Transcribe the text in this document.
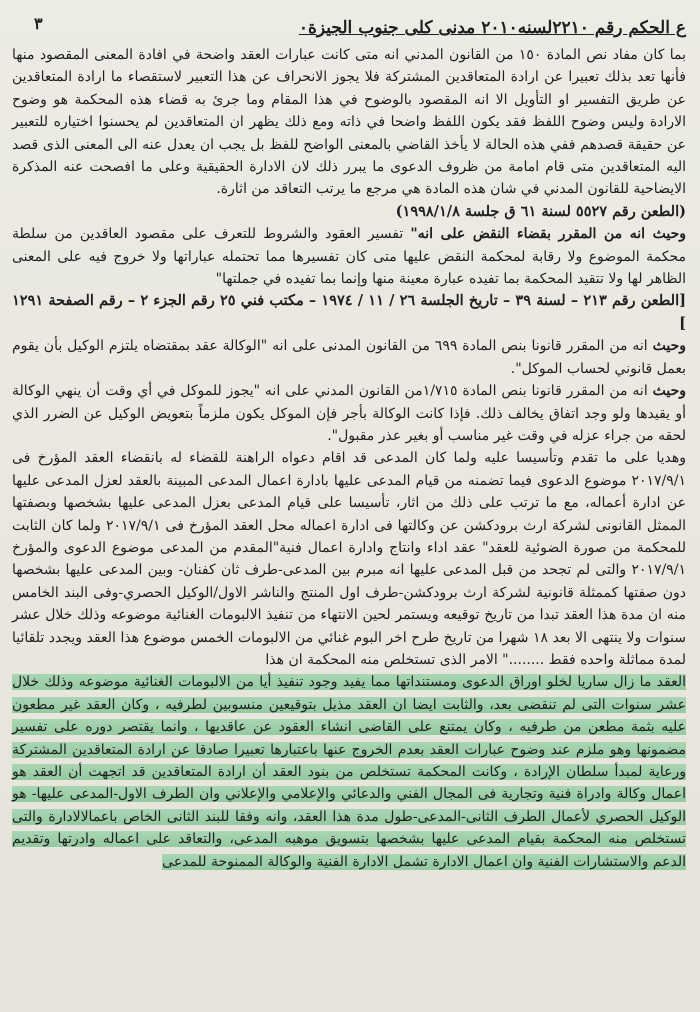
٣	ع الحكم رقم ٢٢١٠لسنه٢٠١٠ مدنى كلى جنوب الجيزة٠

بما كان مفاد نص المادة ١٥٠ من القانون المدني انه متى كانت عبارات العقد واضحة في افادة المعنى المقصود منها فأنها تعد بذلك تعبيرا عن ارادة المتعاقدين المشتركة فلا يجوز الانحراف عن هذا التعبير لاستقصاء ما ارادة المتعاقدين عن طريق التفسير او التأويل الا انه المقصود بالوضوح في هذا المقام وما جرئ به قضاء هذه المحكمة هو وضوح الارادة وليس وضوح اللفظ فقد يكون اللفظ واضحا في ذاته ومع ذلك يظهر ان المتعاقدين لم يحسنوا اختياره للتعبير عن حقيقة قصدهم ففي هذه الحالة لا يأخذ القاضي بالمعنى الواضح للفظ بل يجب ان يعدل عنه الى المعنى الذى قصد اليه المتعاقدين متى قام امامة من ظروف الدعوى ما يبرر ذلك لان الادارة الحقيقية وعلى ما افصحت عنه المذكرة الايضاحية للقانون المدني في شان هذه المادة هي مرجع ما يرتب التعاقد من اثارة.

(الطعن رقم ٥٥٢٧ لسنة ٦١ ق جلسة ١٩٩٨/١/٨)

وحيث انه من المقرر بقضاء النقض على انه" تفسير العقود والشروط للتعرف على مقصود العاقدين من سلطة محكمة الموضوع ولا رقابة لمحكمة النقض عليها متى كان تفسيرها مما تحتمله عباراتها ولا خروج فيه على المعنى الظاهر لها ولا تتقيد المحكمة بما تفيده عبارة معينة منها وإنما بما تفيده في جملتها"

[الطعن رقم ٢١٣ – لسنة ٣٩ – تاريخ الجلسة ٢٦ / ١١ / ١٩٧٤ – مكتب فني ٢٥ رقم الجزء ٢ – رقم الصفحة ١٢٩١ ]

وحيث انه من المقرر قانونا بنص المادة ٦٩٩ من القانون المدنى على انه "الوكالة عقد بمقتضاه يلتزم الوكيل بأن يقوم بعمل قانوني لحساب الموكل".

وحيث انه من المقرر قانونا بنص المادة ١/٧١٥من القانون المدني على انه "يجوز للموكل في أي وقت أن ينهي الوكالة أو يقيدها ولو وجد اتفاق يخالف ذلك. فإذا كانت الوكالة بأجر فإن الموكل يكون ملزماً بتعويض الوكيل عن الضرر الذي لحقه من جراء عزله في وقت غير مناسب أو بغير عذر مقبول".

وهديا على ما تقدم وتأسيسا عليه ولما كان المدعى قد اقام دعواه الراهنة للقضاء له بانقضاء العقد المؤرخ فى ٢٠١٧/٩/١ موضوع الدعوى فيما تضمنه من قيام المدعى عليها بادارة اعمال المدعى المبينة بالعقد لعزل المدعى عليها عن ادارة أعماله، مع ما ترتب على ذلك من اثار، تأسيسا على قيام المدعى بعزل المدعى عليها بشخصها وبصفتها الممثل القانونى لشركة ارث برودكشن عن وكالتها فى ادارة اعماله محل العقد المؤرخ فى ٢٠١٧/٩/١ ولما كان الثابت للمحكمة من صورة الضوئية للعقد" عقد اداء وانتاج وادارة اعمال فنية"المقدم من المدعى موضوع الدعوى والمؤرخ ٢٠١٧/٩/١ والتى لم تجحد من قبل المدعى عليها انه مبرم بين المدعى-طرف ثان كفنان- وبين المدعى عليها بشخصها دون صفتها كممثلة قانونية لشركة ارث برودكشن-طرف اول المنتج والناشر الاول/الوكيل الحصري-وفى البند الخامس منه ان مدة هذا العقد تبدا من تاريخ توقيعه ويستمر لحين الانتهاء من تنفيذ الالبومات الغنائية موضوعه وذلك خلال عشر سنوات ولا ينتهى الا بعد ١٨ شهرا من تاريخ طرح اخر البوم غنائي من الالبومات الخمس موضوع هذا العقد ويجدد تلقائيا لمدة مماثلة واحده فقط ........" الامر الذى تستخلص منه المحكمة ان هذا

العقد ما زال ساريا لخلو اوراق الدعوى ومستنداتها مما يفيد وجود تنفيذ أيا من الالبومات الغنائية موضوعه وذلك خلال عشر سنوات التى لم تنقضى بعد، والثابت ايضا ان العقد مذيل بتوقيعين منسوبين لطرفيه ، وكان العقد غير مطعون عليه بثمة مطعن من طرفيه ، وكان يمتنع على القاضى انشاء العقود عن عاقديها ، وانما يقتصر دوره على تفسير مضمونها وهو ملزم عند وضوح عبارات العقد بعدم الخروج عنها باعتبارها تعبيرا صادقا عن ارادة المتعاقدين المشتركة ورعاية لمبدأ سلطان الإرادة ، وكانت المحكمة تستخلص من بنود العقد أن ارادة المتعاقدين قد اتجهت أن العقد هو اعمال وكالة وادراة فنية وتجارية فى المجال الفني والدعائي والإعلامي والإعلاني وان الطرف الاول-المدعى عليها- هو الوكيل الحصري لأعمال الطرف الثانى-المدعى-طول مدة هذا العقد، وانه وفقا للبند الثانى الخاص باعمالالادارة والتى تستخلص منه المحكمة بقيام المدعى عليها بشخصها بتسويق موهبه المدعى، والتعاقد على اعماله وادرتها وتقديم الدعم والاستشارات الفنية وان اعمال الادارة تشمل الادارة الفنية والوكالة الممنوحة للمدعى
